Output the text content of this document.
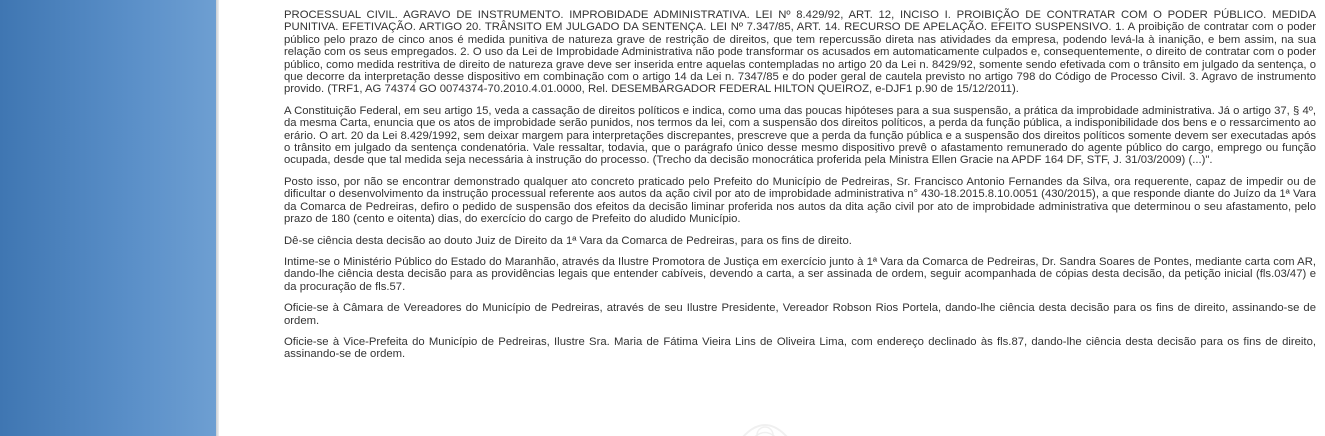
PROCESSUAL CIVIL. AGRAVO DE INSTRUMENTO. IMPROBIDADE ADMINISTRATIVA. LEI Nº 8.429/92, ART. 12, INCISO I. PROIBIÇÃO DE CONTRATAR COM O PODER PÚBLICO. MEDIDA PUNITIVA. EFETIVAÇÃO. ARTIGO 20. TRÂNSITO EM JULGADO DA SENTENÇA. LEI Nº 7.347/85, ART. 14. RECURSO DE APELAÇÃO. EFEITO SUSPENSIVO. 1. A proibição de contratar com o poder público pelo prazo de cinco anos é medida punitiva de natureza grave de restrição de direitos, que tem repercussão direta nas atividades da empresa, podendo levá-la à inanição, e bem assim, na sua relação com os seus empregados. 2. O uso da Lei de Improbidade Administrativa não pode transformar os acusados em automaticamente culpados e, consequentemente, o direito de contratar com o poder público, como medida restritiva de direito de natureza grave deve ser inserida entre aquelas contempladas no artigo 20 da Lei n. 8429/92, somente sendo efetivada com o trânsito em julgado da sentença, o que decorre da interpretação desse dispositivo em combinação com o artigo 14 da Lei n. 7347/85 e do poder geral de cautela previsto no artigo 798 do Código de Processo Civil. 3. Agravo de instrumento provido. (TRF1, AG 74374 GO 0074374-70.2010.4.01.0000, Rel. DESEMBARGADOR FEDERAL HILTON QUEIROZ, e-DJF1 p.90 de 15/12/2011).

A Constituição Federal, em seu artigo 15, veda a cassação de direitos políticos e indica, como uma das poucas hipóteses para a sua suspensão, a prática da improbidade administrativa. Já o artigo 37, § 4º, da mesma Carta, enuncia que os atos de improbidade serão punidos, nos termos da lei, com a suspensão dos direitos políticos, a perda da função pública, a indisponibilidade dos bens e o ressarcimento ao erário. O art. 20 da Lei 8.429/1992, sem deixar margem para interpretações discrepantes, prescreve que a perda da função pública e a suspensão dos direitos políticos somente devem ser executadas após o trânsito em julgado da sentença condenatória. Vale ressaltar, todavia, que o parágrafo único desse mesmo dispositivo prevê o afastamento remunerado do agente público do cargo, emprego ou função ocupada, desde que tal medida seja necessária à instrução do processo. (Trecho da decisão monocrática proferida pela Ministra Ellen Gracie na APDF 164 DF, STF, J. 31/03/2009) (...)".

Posto isso, por não se encontrar demonstrado qualquer ato concreto praticado pelo Prefeito do Município de Pedreiras, Sr. Francisco Antonio Fernandes da Silva, ora requerente, capaz de impedir ou de dificultar o desenvolvimento da instrução processual referente aos autos da ação civil por ato de improbidade administrativa n° 430-18.2015.8.10.0051 (430/2015), a que responde diante do Juízo da 1ª Vara da Comarca de Pedreiras, defiro o pedido de suspensão dos efeitos da decisão liminar proferida nos autos da dita ação civil por ato de improbidade administrativa que determinou o seu afastamento, pelo prazo de 180 (cento e oitenta) dias, do exercício do cargo de Prefeito do aludido Município.

Dê-se ciência desta decisão ao douto Juiz de Direito da 1ª Vara da Comarca de Pedreiras, para os fins de direito.

Intime-se o Ministério Público do Estado do Maranhão, através da Ilustre Promotora de Justiça em exercício junto à 1ª Vara da Comarca de Pedreiras, Dr. Sandra Soares de Pontes, mediante carta com AR, dando-lhe ciência desta decisão para as providências legais que entender cabíveis, devendo a carta, a ser assinada de ordem, seguir acompanhada de cópias desta decisão, da petição inicial (fls.03/47) e da procuração de fls.57.

Oficie-se à Câmara de Vereadores do Município de Pedreiras, através de seu Ilustre Presidente, Vereador Robson Rios Portela, dando-lhe ciência desta decisão para os fins de direito, assinando-se de ordem.

Oficie-se à Vice-Prefeita do Município de Pedreiras, Ilustre Sra. Maria de Fátima Vieira Lins de Oliveira Lima, com endereço declinado às fls.87, dando-lhe ciência desta decisão para os fins de direito, assinando-se de ordem.
